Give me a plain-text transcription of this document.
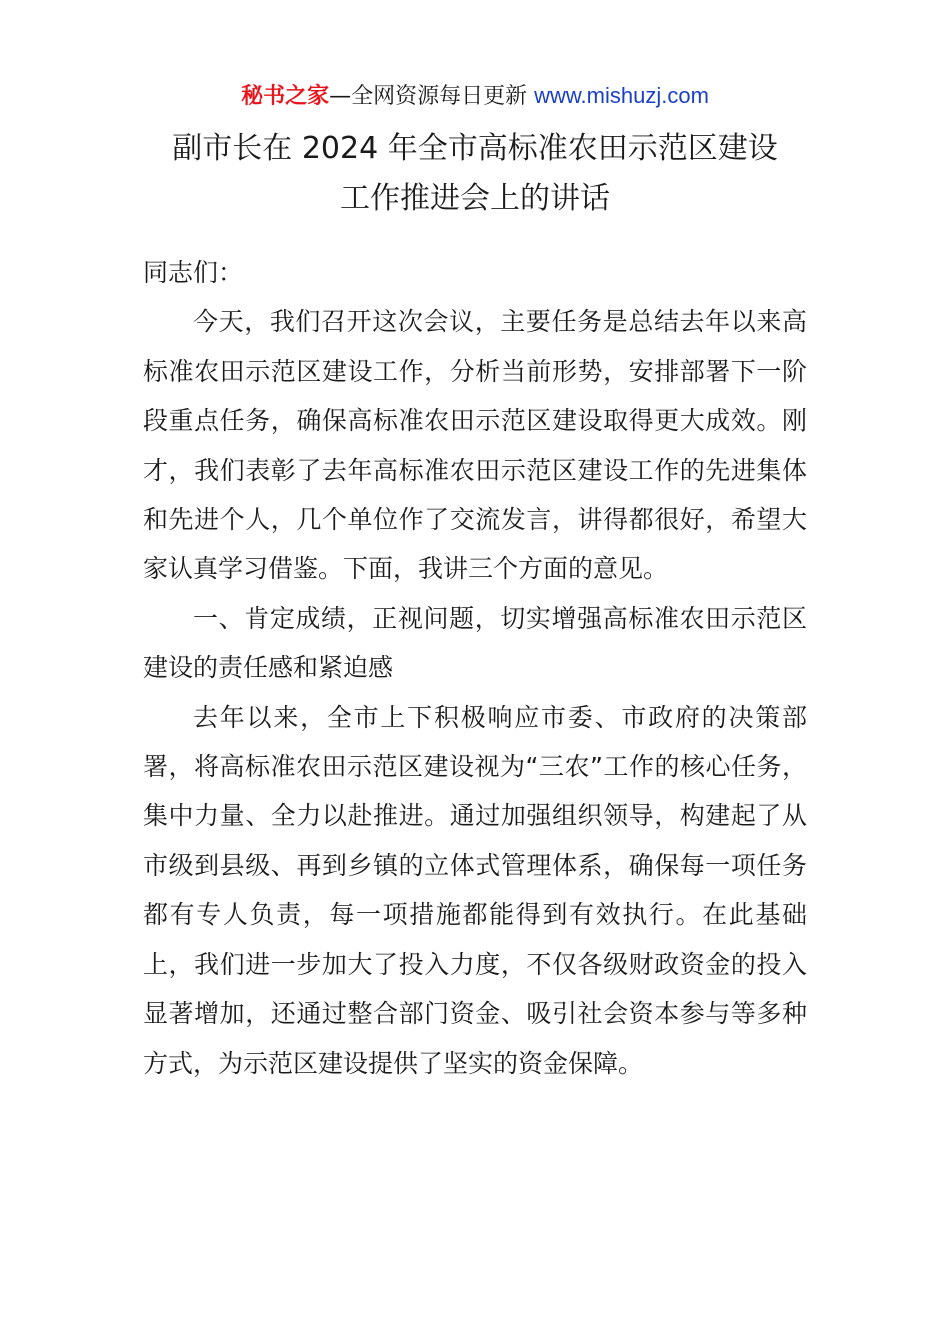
秘书之家—全网资源每日更新 www.mishuzj.com
副市长在 2024 年全市高标准农田示范区建设
工作推进会上的讲话

同志们：

今天，我们召开这次会议，主要任务是总结去年以来高标准农田示范区建设工作，分析当前形势，安排部署下一阶段重点任务，确保高标准农田示范区建设取得更大成效。刚才，我们表彰了去年高标准农田示范区建设工作的先进集体和先进个人，几个单位作了交流发言，讲得都很好，希望大家认真学习借鉴。下面，我讲三个方面的意见。

一、肯定成绩，正视问题，切实增强高标准农田示范区建设的责任感和紧迫感

去年以来，全市上下积极响应市委、市政府的决策部署，将高标准农田示范区建设视为“三农”工作的核心任务，集中力量、全力以赴推进。通过加强组织领导，构建起了从市级到县级、再到乡镇的立体式管理体系，确保每一项任务都有专人负责，每一项措施都能得到有效执行。在此基础上，我们进一步加大了投入力度，不仅各级财政资金的投入显著增加，还通过整合部门资金、吸引社会资本参与等多种方式，为示范区建设提供了坚实的资金保障。
